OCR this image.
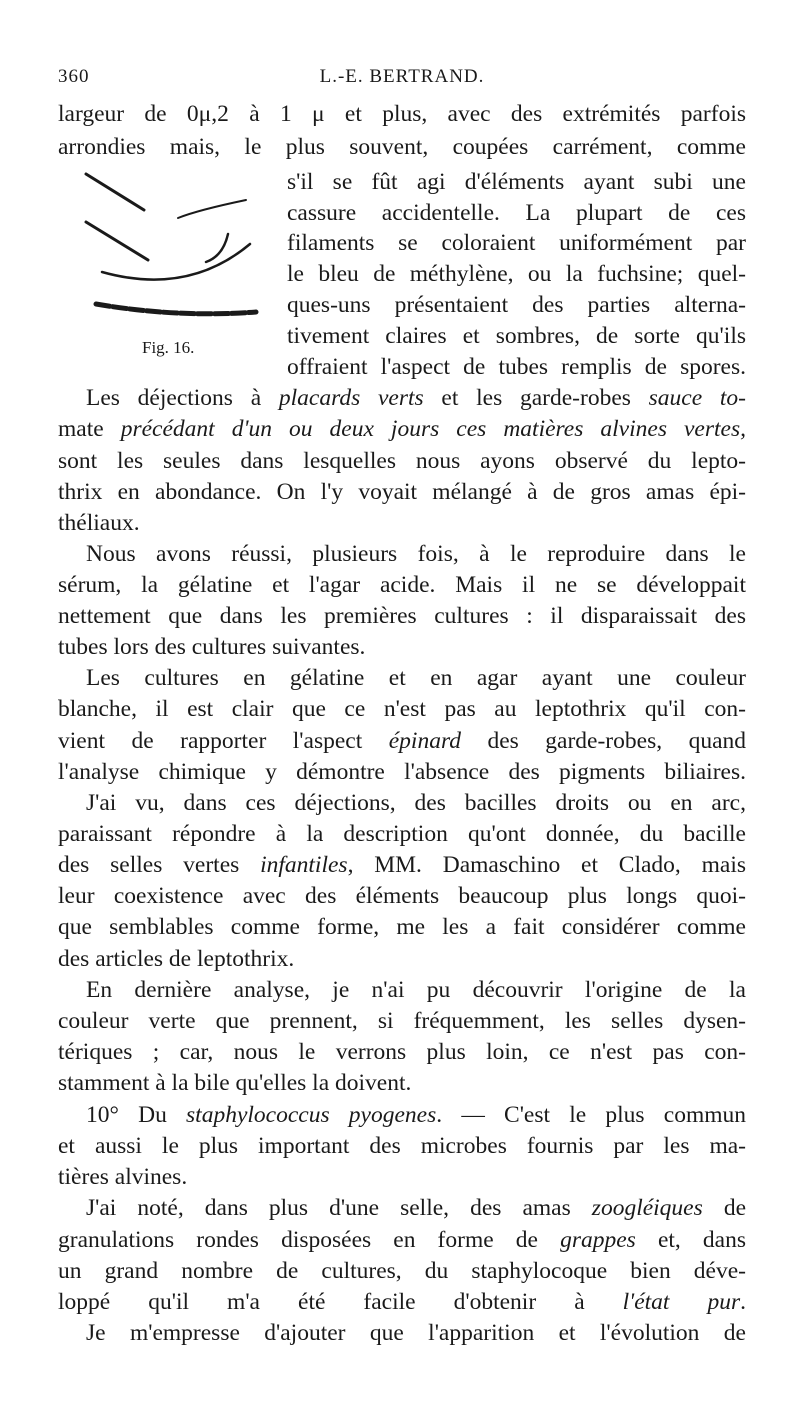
360	L.-E. BERTRAND.
Fig. 16.
largeur de 0μ,2 à 1 μ et plus, avec des extrémités parfois
arrondies mais, le plus souvent, coupées carrément, comme
s'il se fût agi d'éléments ayant subi une
cassure accidentelle. La plupart de ces
filaments se coloraient uniformément par
le bleu de méthylène, ou la fuchsine; quel-
ques-uns présentaient des parties alterna-
tivement claires et sombres, de sorte qu'ils
offraient l'aspect de tubes remplis de spores.
Les déjections à placards verts et les garde-robes sauce to-
mate précédant d'un ou deux jours ces matières alvines vertes,
sont les seules dans lesquelles nous ayons observé du lepto-
thrix en abondance. On l'y voyait mélangé à de gros amas épi-
théliaux.
Nous avons réussi, plusieurs fois, à le reproduire dans le
sérum, la gélatine et l'agar acide. Mais il ne se développait
nettement que dans les premières cultures : il disparaissait des
tubes lors des cultures suivantes.
Les cultures en gélatine et en agar ayant une couleur
blanche, il est clair que ce n'est pas au leptothrix qu'il con-
vient de rapporter l'aspect épinard des garde-robes, quand
l'analyse chimique y démontre l'absence des pigments biliaires.
J'ai vu, dans ces déjections, des bacilles droits ou en arc,
paraissant répondre à la description qu'ont donnée, du bacille
des selles vertes infantiles, MM. Damaschino et Clado, mais
leur coexistence avec des éléments beaucoup plus longs quoi-
que semblables comme forme, me les a fait considérer comme
des articles de leptothrix.
En dernière analyse, je n'ai pu découvrir l'origine de la
couleur verte que prennent, si fréquemment, les selles dysen-
tériques ; car, nous le verrons plus loin, ce n'est pas con-
stamment à la bile qu'elles la doivent.
10° Du staphylococcus pyogenes. — C'est le plus commun
et aussi le plus important des microbes fournis par les ma-
tières alvines.
J'ai noté, dans plus d'une selle, des amas zoogléiques de
granulations rondes disposées en forme de grappes et, dans
un grand nombre de cultures, du staphylocoque bien déve-
loppé qu'il m'a été facile d'obtenir à l'état pur.
Je m'empresse d'ajouter que l'apparition et l'évolution de
